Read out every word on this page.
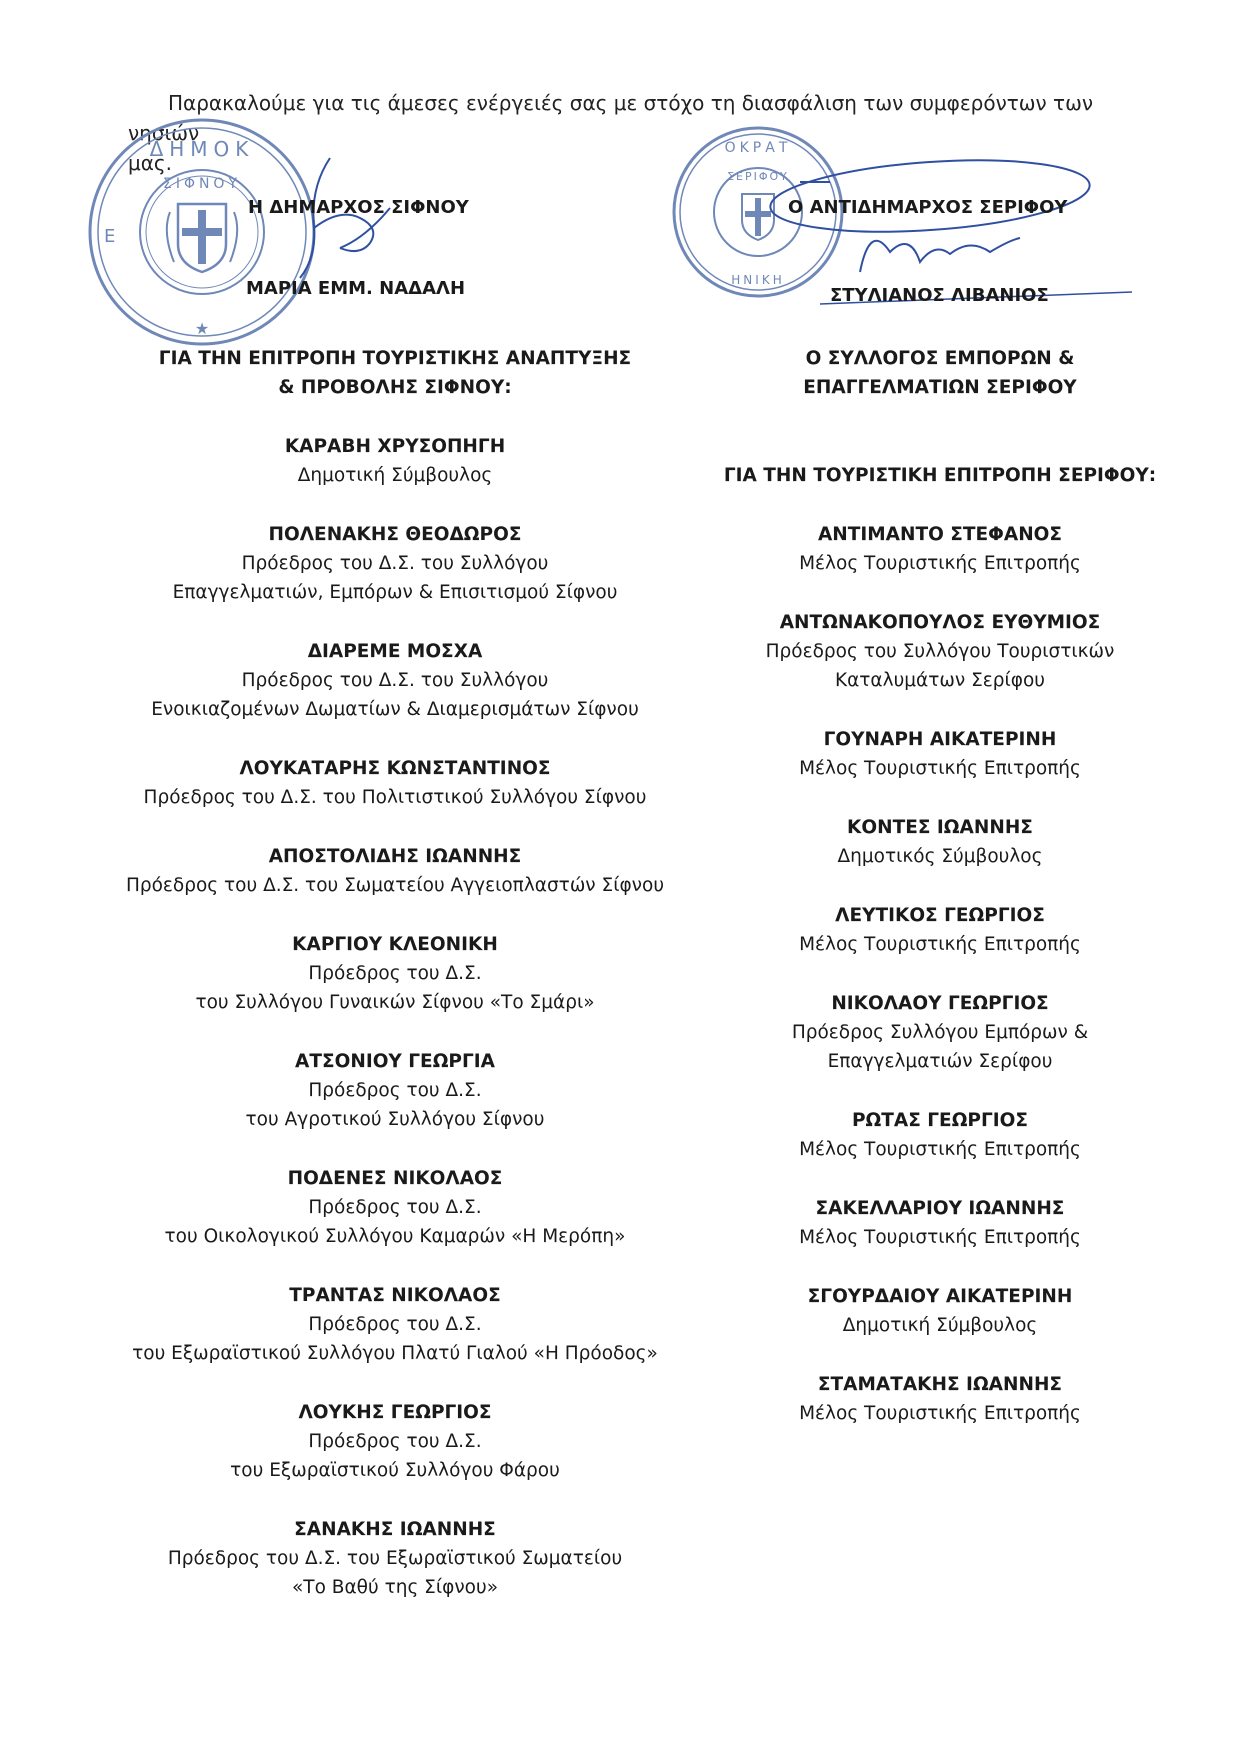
Παρακαλούμε για τις άμεσες ενέργειές σας με στόχο τη διασφάλιση των συμφερόντων των νησιών
μας.
ΔΗΜΟΚ
ΣΙΦΝΟΥ
Ε
★
Η ΔΗΜΑΡΧΟΣ ΣΙΦΝΟΥ
ΜΑΡΙΑ ΕΜΜ. ΝΑΔΑΛΗ
ΟΚΡΑΤ
ΣΕΡΙΦΟΥ
ΗΝΙΚΗ
Ο ΑΝΤΙΔΗΜΑΡΧΟΣ ΣΕΡΙΦΟΥ
ΣΤΥΛΙΑΝΟΣ ΛΙΒΑΝΙΟΣ
ΓΙΑ ΤΗΝ ΕΠΙΤΡΟΠΗ ΤΟΥΡΙΣΤΙΚΗΣ ΑΝΑΠΤΥΞΗΣ
& ΠΡΟΒΟΛΗΣ ΣΙΦΝΟΥ:
ΚΑΡΑΒΗ ΧΡΥΣΟΠΗΓΗ
Δημοτική Σύμβουλος
ΠΟΛΕΝΑΚΗΣ ΘΕΟΔΩΡΟΣ
Πρόεδρος του Δ.Σ. του Συλλόγου
Επαγγελματιών, Εμπόρων & Επισιτισμού Σίφνου
ΔΙΑΡΕΜΕ ΜΟΣΧΑ
Πρόεδρος του Δ.Σ. του Συλλόγου
Ενοικιαζομένων Δωματίων & Διαμερισμάτων Σίφνου
ΛΟΥΚΑΤΑΡΗΣ ΚΩΝΣΤΑΝΤΙΝΟΣ
Πρόεδρος του Δ.Σ. του Πολιτιστικού Συλλόγου Σίφνου
ΑΠΟΣΤΟΛΙΔΗΣ ΙΩΑΝΝΗΣ
Πρόεδρος του Δ.Σ. του Σωματείου Αγγειοπλαστών Σίφνου
ΚΑΡΓΙΟΥ ΚΛΕΟΝΙΚΗ
Πρόεδρος του Δ.Σ.
του Συλλόγου Γυναικών Σίφνου «Το Σμάρι»
ΑΤΣΟΝΙΟΥ ΓΕΩΡΓΙΑ
Πρόεδρος του Δ.Σ.
του Αγροτικού Συλλόγου Σίφνου
ΠΟΔΕΝΕΣ ΝΙΚΟΛΑΟΣ
Πρόεδρος του Δ.Σ.
του Οικολογικού Συλλόγου Καμαρών «Η Μερόπη»
ΤΡΑΝΤΑΣ ΝΙΚΟΛΑΟΣ
Πρόεδρος του Δ.Σ.
του Εξωραϊστικού Συλλόγου Πλατύ Γιαλού «Η Πρόοδος»
ΛΟΥΚΗΣ ΓΕΩΡΓΙΟΣ
Πρόεδρος του Δ.Σ.
του Εξωραϊστικού Συλλόγου Φάρου
ΣΑΝΑΚΗΣ ΙΩΑΝΝΗΣ
Πρόεδρος του Δ.Σ. του Εξωραϊστικού Σωματείου
«Το Βαθύ της Σίφνου»
Ο ΣΥΛΛΟΓΟΣ ΕΜΠΟΡΩΝ &
ΕΠΑΓΓΕΛΜΑΤΙΩΝ ΣΕΡΙΦΟΥ
ΓΙΑ ΤΗΝ ΤΟΥΡΙΣΤΙΚΗ ΕΠΙΤΡΟΠΗ ΣΕΡΙΦΟΥ:
ΑΝΤΙΜΑΝΤΟ ΣΤΕΦΑΝΟΣ
Μέλος Τουριστικής Επιτροπής
ΑΝΤΩΝΑΚΟΠΟΥΛΟΣ ΕΥΘΥΜΙΟΣ
Πρόεδρος του Συλλόγου Τουριστικών
Καταλυμάτων Σερίφου
ΓΟΥΝΑΡΗ ΑΙΚΑΤΕΡΙΝΗ
Μέλος Τουριστικής Επιτροπής
ΚΟΝΤΕΣ ΙΩΑΝΝΗΣ
Δημοτικός Σύμβουλος
ΛΕΥΤΙΚΟΣ ΓΕΩΡΓΙΟΣ
Μέλος Τουριστικής Επιτροπής
ΝΙΚΟΛΑΟΥ ΓΕΩΡΓΙΟΣ
Πρόεδρος Συλλόγου Εμπόρων &
Επαγγελματιών Σερίφου
ΡΩΤΑΣ ΓΕΩΡΓΙΟΣ
Μέλος Τουριστικής Επιτροπής
ΣΑΚΕΛΛΑΡΙΟΥ ΙΩΑΝΝΗΣ
Μέλος Τουριστικής Επιτροπής
ΣΓΟΥΡΔΑΙΟΥ ΑΙΚΑΤΕΡΙΝΗ
Δημοτική Σύμβουλος
ΣΤΑΜΑΤΑΚΗΣ ΙΩΑΝΝΗΣ
Μέλος Τουριστικής Επιτροπής
